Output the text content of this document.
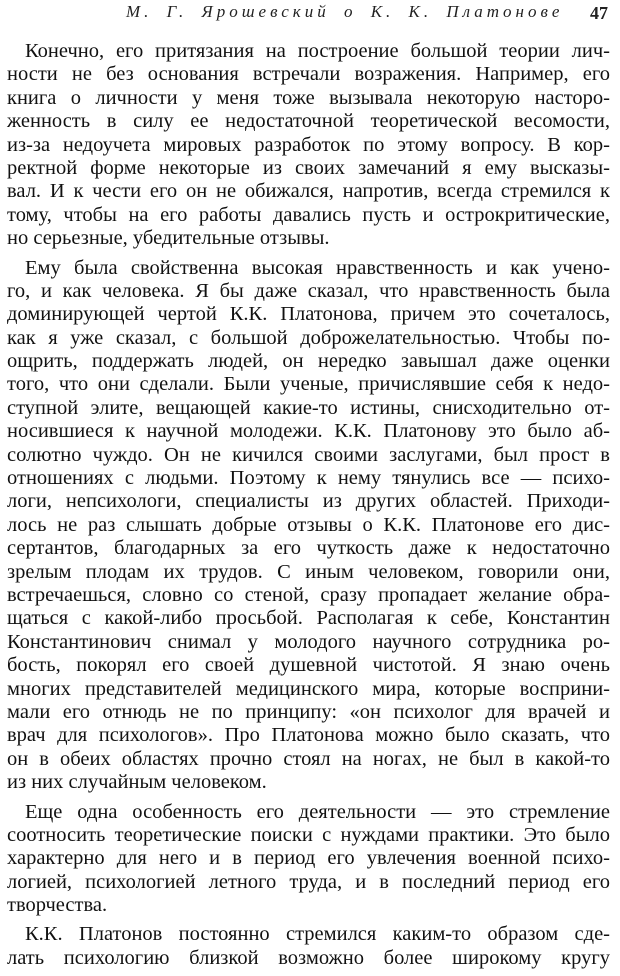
М. Г. Ярошевский о К. К. Платонове 47
Конечно, его притязания на построение большой теории лич-
ности не без основания встречали возражения. Например, его
книга о личности у меня тоже вызывала некоторую насторо-
женность в силу ее недостаточной теоретической весомости,
из-за недоучета мировых разработок по этому вопросу. В кор-
ректной форме некоторые из своих замечаний я ему высказы-
вал. И к чести его он не обижался, напротив, всегда стремился к
тому, чтобы на его работы давались пусть и острокритические,
но серьезные, убедительные отзывы.
Ему была свойственна высокая нравственность и как учено-
го, и как человека. Я бы даже сказал, что нравственность была
доминирующей чертой К.К. Платонова, причем это сочеталось,
как я уже сказал, с большой доброжелательностью. Чтобы по-
ощрить, поддержать людей, он нередко завышал даже оценки
того, что они сделали. Были ученые, причислявшие себя к недо-
ступной элите, вещающей какие-то истины, снисходительно от-
носившиеся к научной молодежи. К.К. Платонову это было аб-
солютно чуждо. Он не кичился своими заслугами, был прост в
отношениях с людьми. Поэтому к нему тянулись все — психо-
логи, непсихологи, специалисты из других областей. Приходи-
лось не раз слышать добрые отзывы о К.К. Платонове его дис-
сертантов, благодарных за его чуткость даже к недостаточно
зрелым плодам их трудов. С иным человеком, говорили они,
встречаешься, словно со стеной, сразу пропадает желание обра-
щаться с какой-либо просьбой. Располагая к себе, Константин
Константинович снимал у молодого научного сотрудника ро-
бость, покорял его своей душевной чистотой. Я знаю очень
многих представителей медицинского мира, которые восприни-
мали его отнюдь не по принципу: «он психолог для врачей и
врач для психологов». Про Платонова можно было сказать, что
он в обеих областях прочно стоял на ногах, не был в какой-то
из них случайным человеком.
Еще одна особенность его деятельности — это стремление
соотносить теоретические поиски с нуждами практики. Это было
характерно для него и в период его увлечения военной психо-
логией, психологией летного труда, и в последний период его
творчества.
К.К. Платонов постоянно стремился каким-то образом сде-
лать психологию близкой возможно более широкому кругу
